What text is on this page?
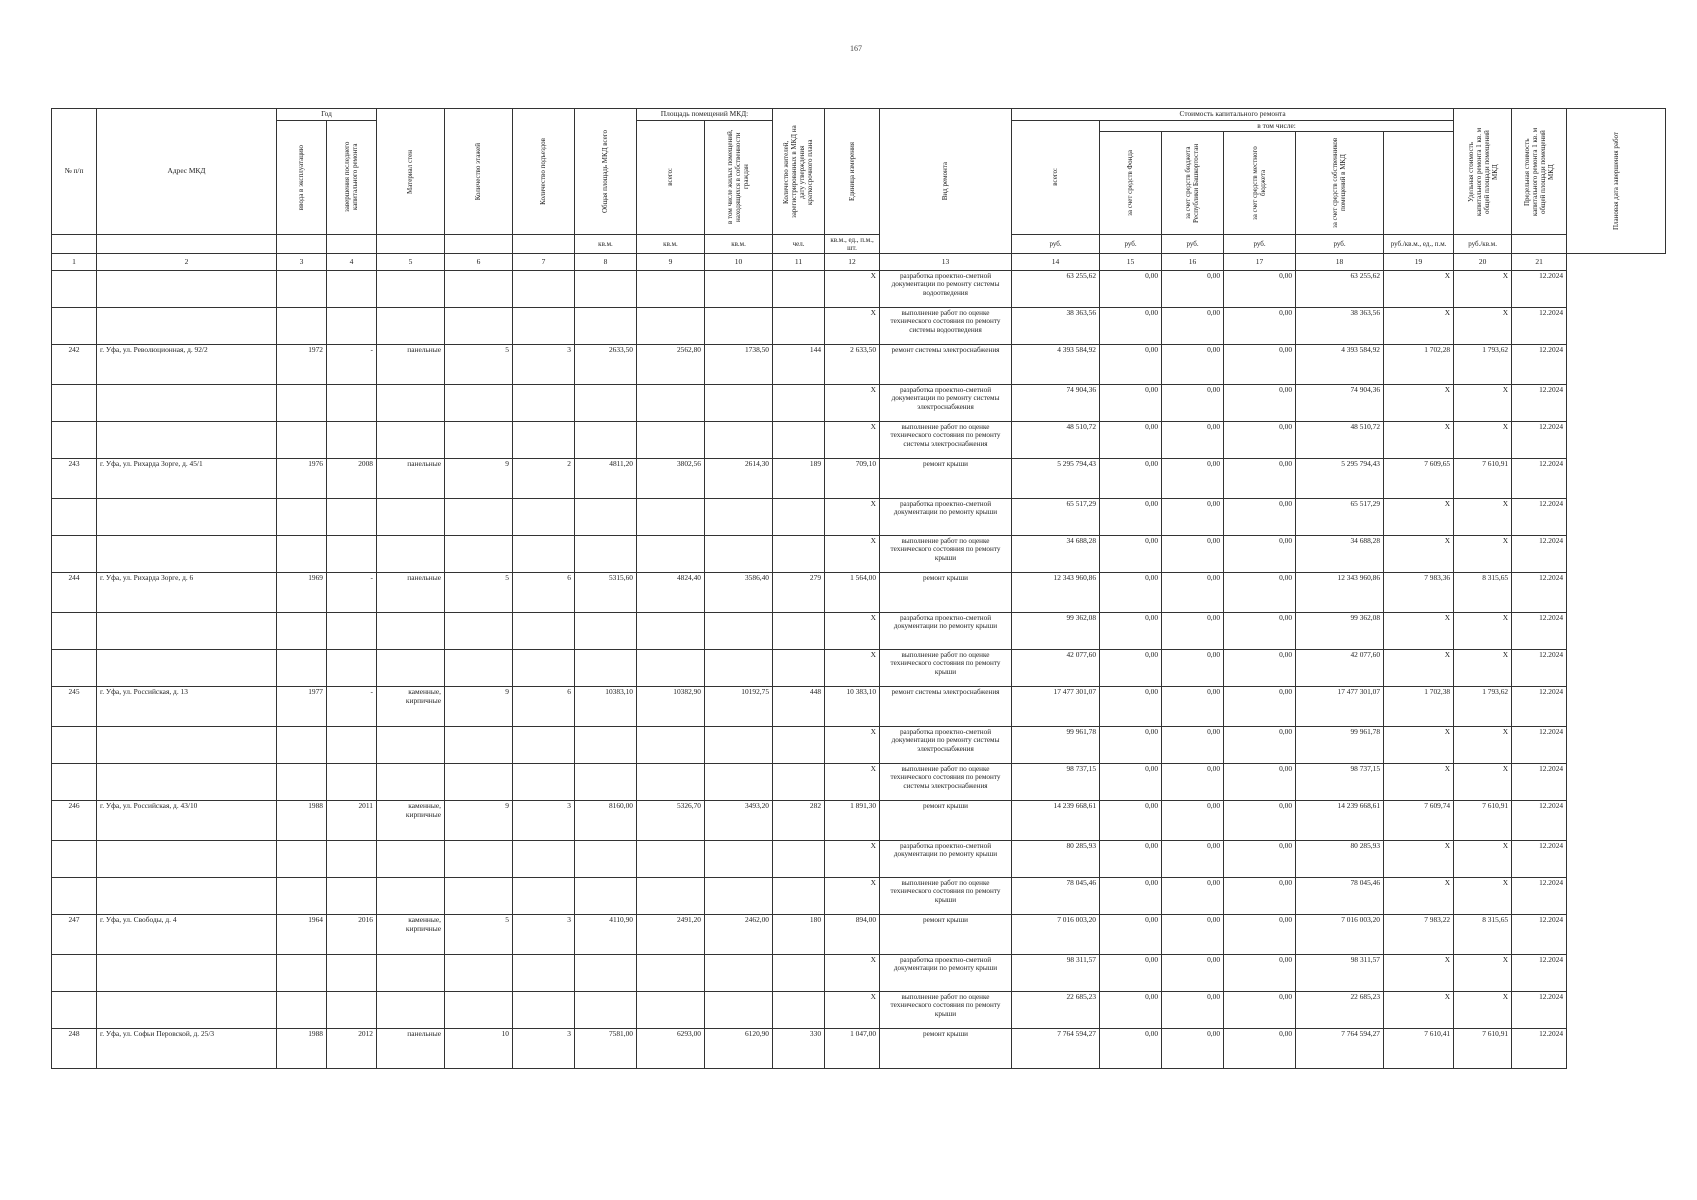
167
№ п/п	Адрес МКД	Год		Материал стен	Количество этажей	Количество подъездов	Общая площадь МКД всего	Площадь помещений МКД:		Количество жителей, зарегистрированных в МКД на дату утверждения краткосрочного плана	Единица измерения	Вид ремонта	Стоимость капитального ремонта						Удельная стоимость капитального ремонта 1 кв. м общей площади помещений МКД	Предельная стоимость капитального ремонта 1 кв. м общей площади помещений МКД	Плановая дата завершения работ

		ввода в эксплуатацию	завершения последнего капитального ремонта					всего:	в том числе жилых помещений, находящихся в собственности граждан				всего:	в том числе:							

														за счет средств Фонда	за счет средств бюджета Республики Башкортостан	за счет средств местного бюджета	за счет средств собственников помещений в МКД				

							кв.м.	кв.м.	кв.м.	чел.	кв.м., ед., п.м., шт.		руб.	руб.	руб.	руб.	руб.	руб./кв.м., ед., п.м.	руб./кв.м.		
1	2	3	4	5	6	7	8	9	10	11	12	13	14	15	16	17	18	19	20	21	
											X	разработка проектно-сметной документации по ремонту системы водоотведения	63 255,62	0,00	0,00	0,00	63 255,62	X	X	12.2024	
											X	выполнение работ по оценке технического состояния по ремонту системы водоотведения	38 363,56	0,00	0,00	0,00	38 363,56	X	X	12.2024	
242	г. Уфа, ул. Революционная, д. 92/2	1972	-	панельные	5	3	2633,50	2562,80	1738,50	144	2 633,50	ремонт системы электроснабжения	4 393 584,92	0,00	0,00	0,00	4 393 584,92	1 702,28	1 793,62	12.2024	
											X	разработка проектно-сметной документации по ремонту системы электроснабжения	74 904,36	0,00	0,00	0,00	74 904,36	X	X	12.2024	
											X	выполнение работ по оценке технического состояния по ремонту системы электроснабжения	48 510,72	0,00	0,00	0,00	48 510,72	X	X	12.2024	
243	г. Уфа, ул. Рихарда Зорге, д. 45/1	1976	2008	панельные	9	2	4811,20	3802,56	2614,30	189	709,10	ремонт крыши	5 295 794,43	0,00	0,00	0,00	5 295 794,43	7 609,65	7 610,91	12.2024	
											X	разработка проектно-сметной документации по ремонту крыши	65 517,29	0,00	0,00	0,00	65 517,29	X	X	12.2024	
											X	выполнение работ по оценке технического состояния по ремонту крыши	34 688,28	0,00	0,00	0,00	34 688,28	X	X	12.2024	
244	г. Уфа, ул. Рихарда Зорге, д. 6	1969	-	панельные	5	6	5315,60	4824,40	3586,40	279	1 564,00	ремонт крыши	12 343 960,86	0,00	0,00	0,00	12 343 960,86	7 983,36	8 315,65	12.2024	
											X	разработка проектно-сметной документации по ремонту крыши	99 362,08	0,00	0,00	0,00	99 362,08	X	X	12.2024	
											X	выполнение работ по оценке технического состояния по ремонту крыши	42 077,60	0,00	0,00	0,00	42 077,60	X	X	12.2024	
245	г. Уфа, ул. Российская, д. 13	1977	-	каменные, кирпичные	9	6	10383,10	10382,90	10192,75	448	10 383,10	ремонт системы электроснабжения	17 477 301,07	0,00	0,00	0,00	17 477 301,07	1 702,38	1 793,62	12.2024	
											X	разработка проектно-сметной документации по ремонту системы электроснабжения	99 961,78	0,00	0,00	0,00	99 961,78	X	X	12.2024	
											X	выполнение работ по оценке технического состояния по ремонту системы электроснабжения	98 737,15	0,00	0,00	0,00	98 737,15	X	X	12.2024	
246	г. Уфа, ул. Российская, д. 43/10	1988	2011	каменные, кирпичные	9	3	8160,00	5326,70	3493,20	282	1 891,30	ремонт крыши	14 239 668,61	0,00	0,00	0,00	14 239 668,61	7 609,74	7 610,91	12.2024	
											X	разработка проектно-сметной документации по ремонту крыши	80 285,93	0,00	0,00	0,00	80 285,93	X	X	12.2024	
											X	выполнение работ по оценке технического состояния по ремонту крыши	78 045,46	0,00	0,00	0,00	78 045,46	X	X	12.2024	
247	г. Уфа, ул. Свободы, д. 4	1964	2016	каменные, кирпичные	5	3	4110,90	2491,20	2462,00	180	894,00	ремонт крыши	7 016 003,20	0,00	0,00	0,00	7 016 003,20	7 983,22	8 315,65	12.2024	
											X	разработка проектно-сметной документации по ремонту крыши	98 311,57	0,00	0,00	0,00	98 311,57	X	X	12.2024	
											X	выполнение работ по оценке технического состояния по ремонту крыши	22 685,23	0,00	0,00	0,00	22 685,23	X	X	12.2024	
248	г. Уфа, ул. Софьи Перовской, д. 25/3	1988	2012	панельные	10	3	7581,00	6293,00	6120,90	330	1 047,00	ремонт крыши	7 764 594,27	0,00	0,00	0,00	7 764 594,27	7 610,41	7 610,91	12.2024	
